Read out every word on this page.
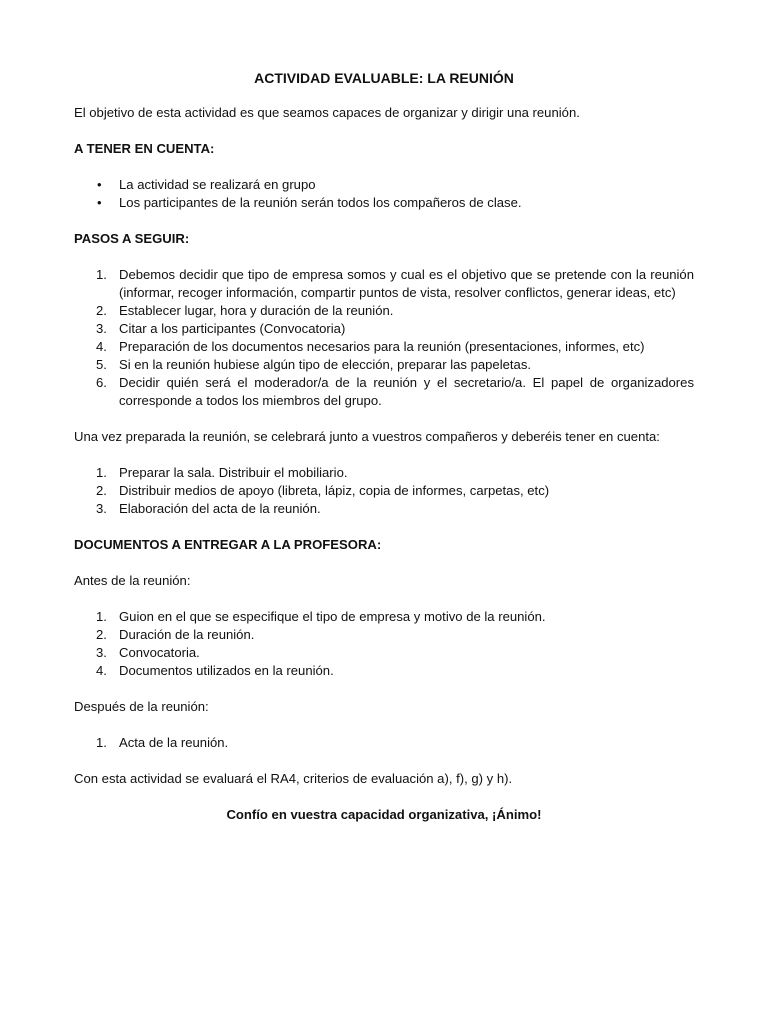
ACTIVIDAD EVALUABLE: LA REUNIÓN

El objetivo de esta actividad es que seamos capaces de organizar y dirigir una reunión.

A TENER EN CUENTA:
• La actividad se realizará en grupo
• Los participantes de la reunión serán todos los compañeros de clase.
PASOS A SEGUIR:
1. Debemos decidir que tipo de empresa somos y cual es el objetivo que se pretende con la reunión (informar, recoger información, compartir puntos de vista, resolver conflictos, generar ideas, etc)
2. Establecer lugar, hora y duración de la reunión.
3. Citar a los participantes (Convocatoria)
4. Preparación de los documentos necesarios para la reunión (presentaciones, informes, etc)
5. Si en la reunión hubiese algún tipo de elección, preparar las papeletas.
6. Decidir quién será el moderador/a de la reunión y el secretario/a. El papel de organizadores corresponde a todos los miembros del grupo.

Una vez preparada la reunión, se celebrará junto a vuestros compañeros y deberéis tener en cuenta:

1. Preparar la sala. Distribuir el mobiliario.
2. Distribuir medios de apoyo (libreta, lápiz, copia de informes, carpetas, etc)
3. Elaboración del acta de la reunión.
DOCUMENTOS A ENTREGAR A LA PROFESORA:

Antes de la reunión:

1. Guion en el que se especifique el tipo de empresa y motivo de la reunión.
2. Duración de la reunión.
3. Convocatoria.
4. Documentos utilizados en la reunión.

Después de la reunión:

1. Acta de la reunión.

Con esta actividad se evaluará el RA4, criterios de evaluación a), f), g) y h).

Confío en vuestra capacidad organizativa, ¡Ánimo!
